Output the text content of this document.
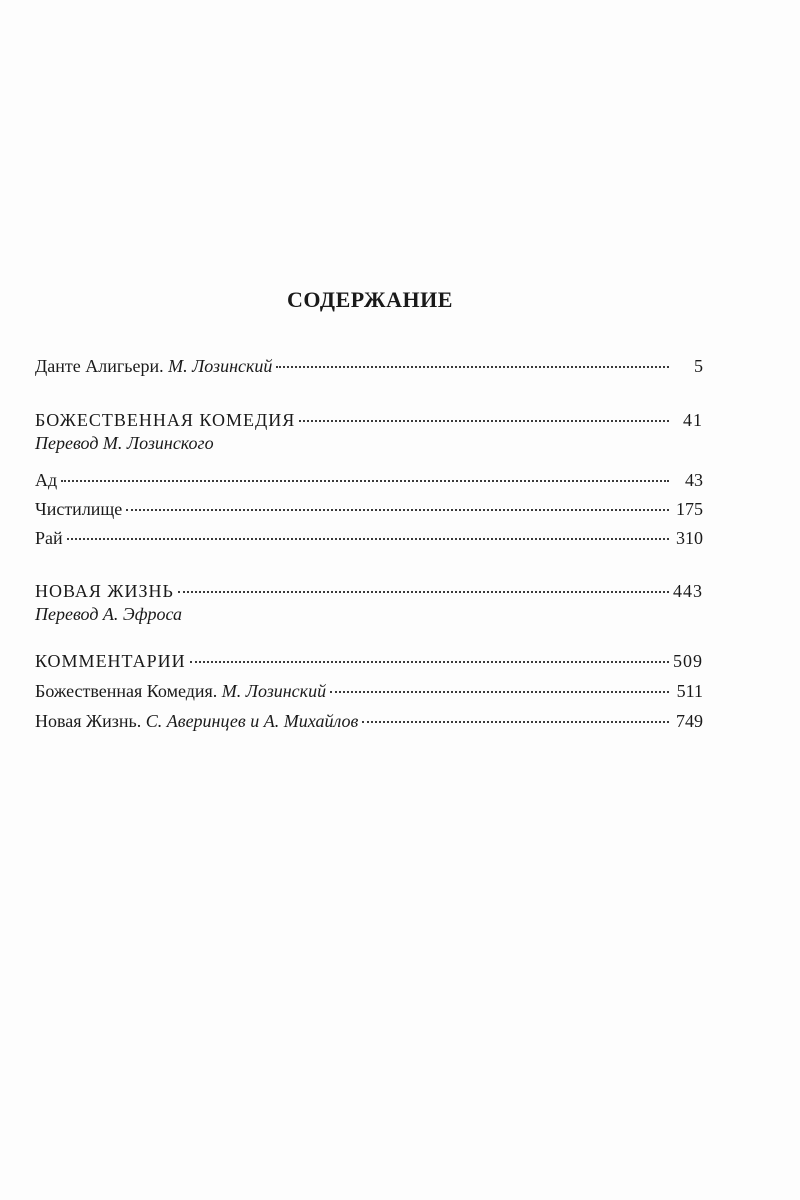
СОДЕРЖАНИЕ
Данте Алигьери. М. Лозинский	5
БОЖЕСТВЕННАЯ КОМЕДИЯ	41
Перевод М. Лозинского
Ад	43
Чистилище	175
Рай	310
НОВАЯ ЖИЗНЬ	443
Перевод А. Эфроса
КОММЕНТАРИИ	509
Божественная Комедия. М. Лозинский	511
Новая Жизнь. С. Аверинцев и А. Михайлов	749
